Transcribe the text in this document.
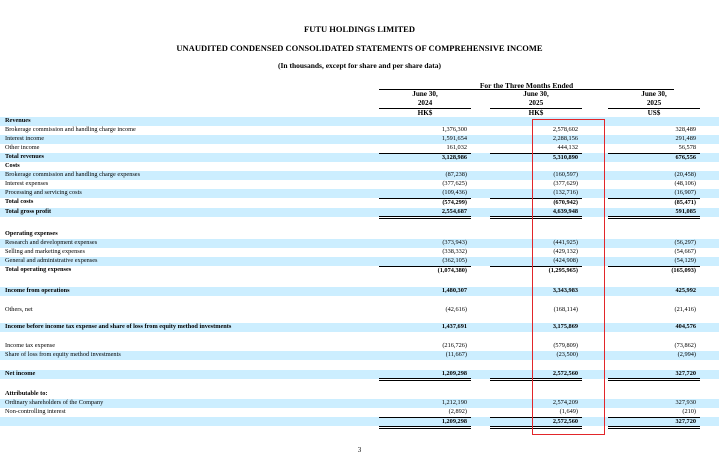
FUTU HOLDINGS LIMITED
UNAUDITED CONDENSED CONSOLIDATED STATEMENTS OF COMPREHENSIVE INCOME
(In thousands, except for share and per share data)
For the Three Months Ended
June 30,
2024
HK$
June 30,
2025
HK$
June 30,
2025
US$
Revenues
Brokerage commission and handling charge income	1,376,300	2,578,602	328,489
Interest income	1,591,654	2,288,156	291,489
Other income	161,032	444,132	56,578
Total revenues	3,128,986	5,310,890	676,556
Costs
Brokerage commission and handling charge expenses	(87,238)	(160,597)	(20,458)
Interest expenses	(377,625)	(377,629)	(48,106)
Processing and servicing costs	(109,436)	(132,716)	(16,907)
Total costs	(574,299)	(670,942)	(85,471)
Total gross profit	2,554,687	4,639,948	591,085
Operating expenses
Research and development expenses	(373,943)	(441,925)	(56,297)
Selling and marketing expenses	(338,332)	(429,132)	(54,667)
General and administrative expenses	(362,105)	(424,908)	(54,129)
Total operating expenses	(1,074,380)	(1,295,965)	(165,093)
Income from operations	1,480,307	3,343,983	425,992
Others, net	(42,616)	(168,114)	(21,416)
Income before income tax expense and share of loss from equity method investments	1,437,691	3,175,869	404,576
Income tax expense	(216,726)	(579,809)	(73,862)
Share of loss from equity method investments	(11,667)	(23,500)	(2,994)
Net income	1,209,298	2,572,560	327,720
Attributable to:
Ordinary shareholders of the Company	1,212,190	2,574,209	327,930
Non-controlling interest	(2,892)	(1,649)	(210)
1,209,298	2,572,560	327,720
3
